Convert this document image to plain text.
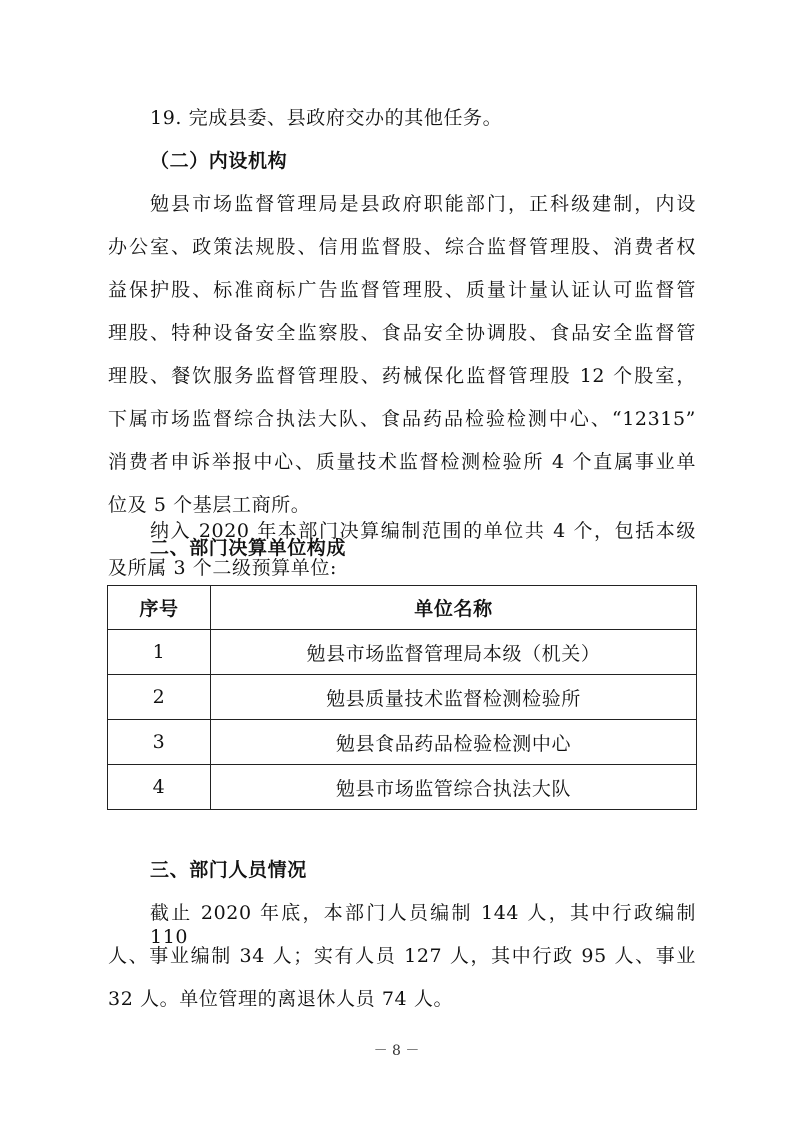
19. 完成县委、县政府交办的其他任务。
（二）内设机构
勉县市场监督管理局是县政府职能部门，正科级建制，内设
办公室、政策法规股、信用监督股、综合监督管理股、消费者权
益保护股、标准商标广告监督管理股、质量计量认证认可监督管
理股、特种设备安全监察股、食品安全协调股、食品安全监督管
理股、餐饮服务监督管理股、药械保化监督管理股 12 个股室，
下属市场监督综合执法大队、食品药品检验检测中心、“12315”
消费者申诉举报中心、质量技术监督检测检验所 4 个直属事业单
位及 5 个基层工商所。
二、部门决算单位构成
纳入 2020 年本部门决算编制范围的单位共 4 个，包括本级
及所属 3 个二级预算单位:
序号	单位名称
1	勉县市场监督管理局本级（机关）
2	勉县质量技术监督检测检验所
3	勉县食品药品检验检测中心
4	勉县市场监管综合执法大队
三、部门人员情况
截止 2020 年底，本部门人员编制 144 人，其中行政编制 110
人、事业编制 34 人；实有人员 127 人，其中行政 95 人、事业
32 人。单位管理的离退休人员 74 人。
－ 8 －
